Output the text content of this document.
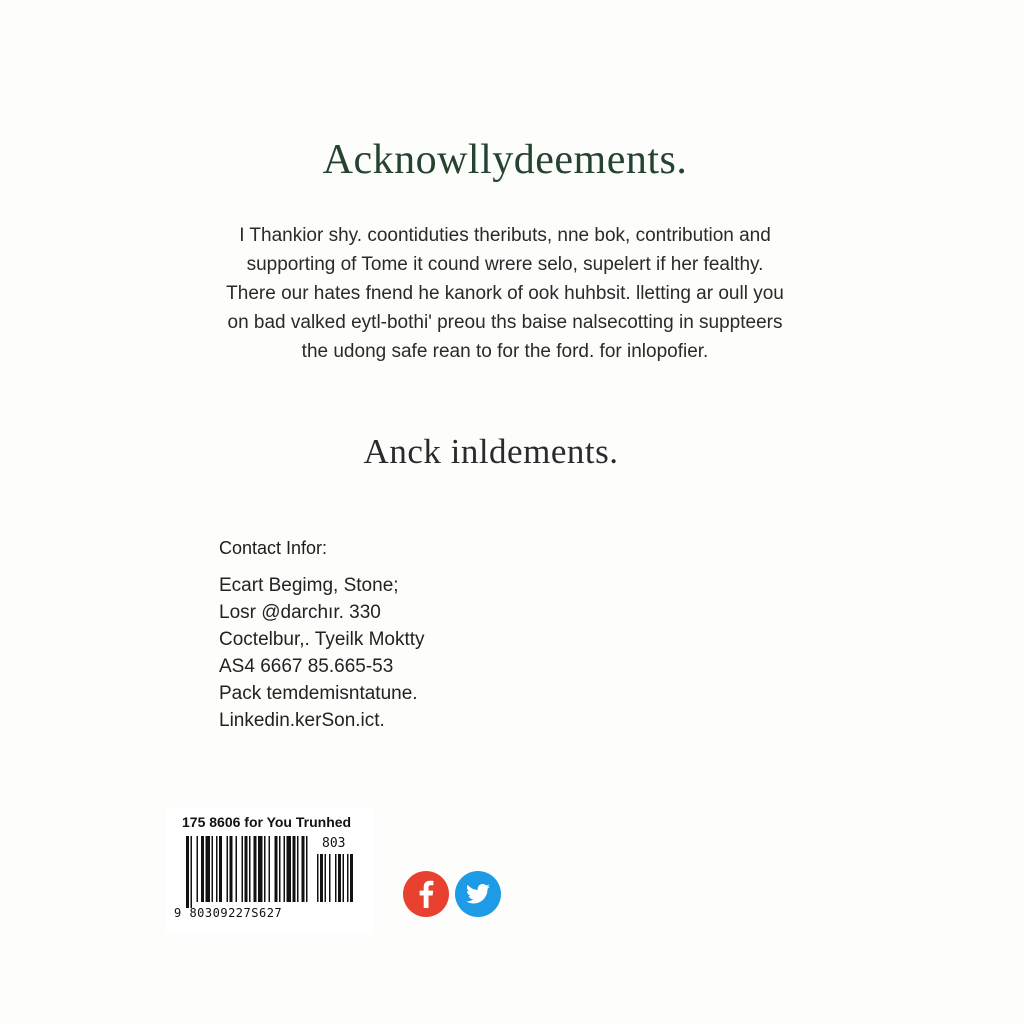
Acknowllydeements.
I Thankior shy. coontiduties theributs, nne bok, contribution and
supporting of Tome it cound wrere selo, supelert if her fealthy.
There our hates fnend he kanork of ook huhbsit. lletting ar oull you
on bad valked eytl-bothi' preou ths baise nalsecotting in suppteers
the udong safe rean to for the ford. for inlopofier.
Anck inldements.
Contact Infor:
Ecart Begimg, Stone;
Losr @darchır. 330
Coctelbur,. Tyeilk Moktty
AS4 6667 85.665-53
Pack temdemisntatune.
Linkedin.kerSon.ict.
175 8606 for You Trunhed
803
9 80309227S627
